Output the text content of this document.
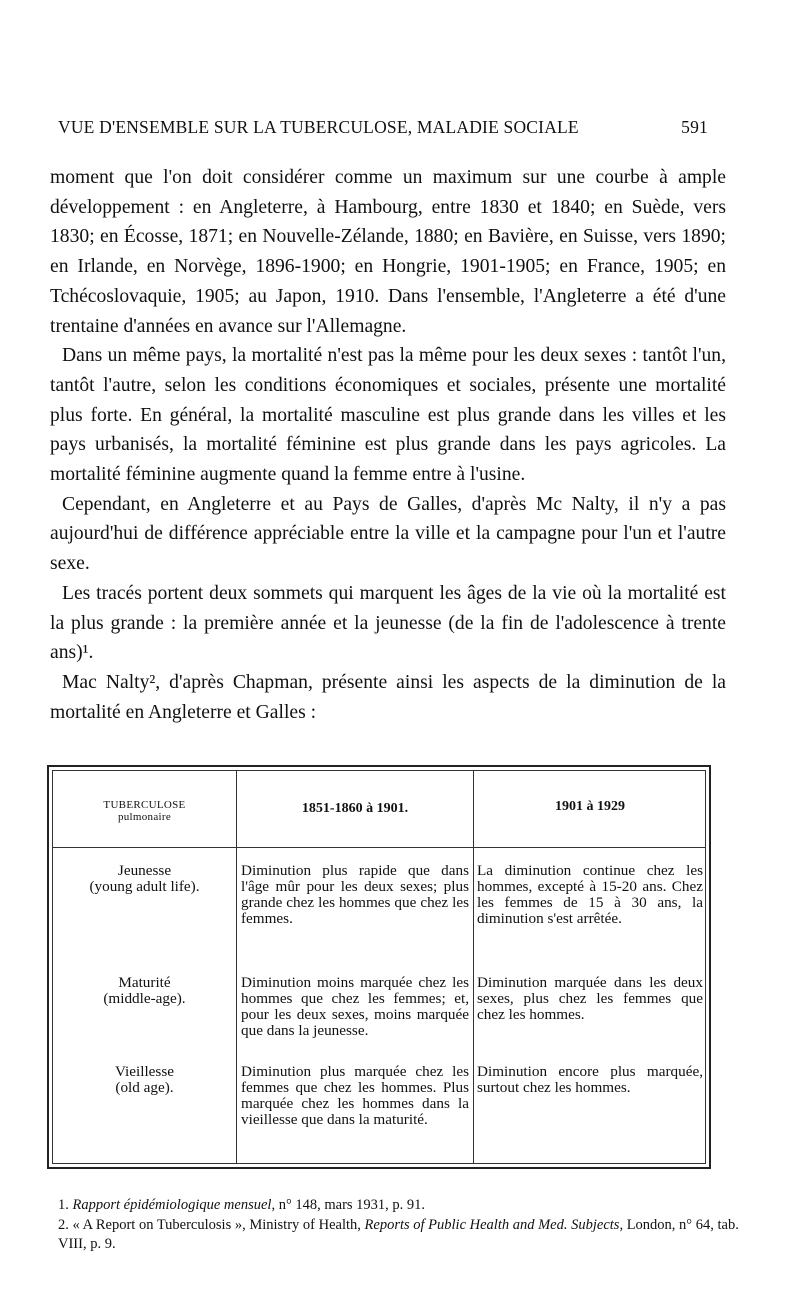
VUE D'ENSEMBLE SUR LA TUBERCULOSE, MALADIE SOCIALE	591

moment que l'on doit considérer comme un maximum sur une courbe à ample développement : en Angleterre, à Hambourg, entre 1830 et 1840; en Suède, vers 1830; en Écosse, 1871; en Nouvelle-Zélande, 1880; en Bavière, en Suisse, vers 1890; en Irlande, en Norvège, 1896-1900; en Hongrie, 1901-1905; en France, 1905; en Tchécoslovaquie, 1905; au Japon, 1910. Dans l'ensemble, l'Angleterre a été d'une trentaine d'années en avance sur l'Allemagne.

Dans un même pays, la mortalité n'est pas la même pour les deux sexes : tantôt l'un, tantôt l'autre, selon les conditions économiques et sociales, présente une mortalité plus forte. En général, la mortalité masculine est plus grande dans les villes et les pays urbanisés, la mortalité féminine est plus grande dans les pays agricoles. La mortalité féminine augmente quand la femme entre à l'usine.

Cependant, en Angleterre et au Pays de Galles, d'après Mc Nalty, il n'y a pas aujourd'hui de différence appréciable entre la ville et la campagne pour l'un et l'autre sexe.

Les tracés portent deux sommets qui marquent les âges de la vie où la mortalité est la plus grande : la première année et la jeunesse (de la fin de l'adolescence à trente ans)¹.

Mac Nalty², d'après Chapman, présente ainsi les aspects de la diminution de la mortalité en Angleterre et Galles :

TUBERCULOSE
pulmonaire
1851-1860 à 1901.	1901 à 1929
Jeunesse
(young adult life).
Diminution plus rapide que dans l'âge mûr pour les deux sexes; plus grande chez les hommes que chez les femmes.
La diminution continue chez les hommes, excepté à 15-20 ans. Chez les femmes de 15 à 30 ans, la diminution s'est arrêtée.
Maturité
(middle-age).
Diminution moins marquée chez les hommes que chez les femmes; et, pour les deux sexes, moins marquée que dans la jeunesse.
Diminution marquée dans les deux sexes, plus chez les femmes que chez les hommes.
Vieillesse
(old age).
Diminution plus marquée chez les femmes que chez les hommes. Plus marquée chez les hommes dans la vieillesse que dans la maturité.
Diminution encore plus marquée, surtout chez les hommes.

1. Rapport épidémiologique mensuel, n° 148, mars 1931, p. 91.

2. « A Report on Tuberculosis », Ministry of Health, Reports of Public Health and Med. Subjects, London, n° 64, tab. VIII, p. 9.
